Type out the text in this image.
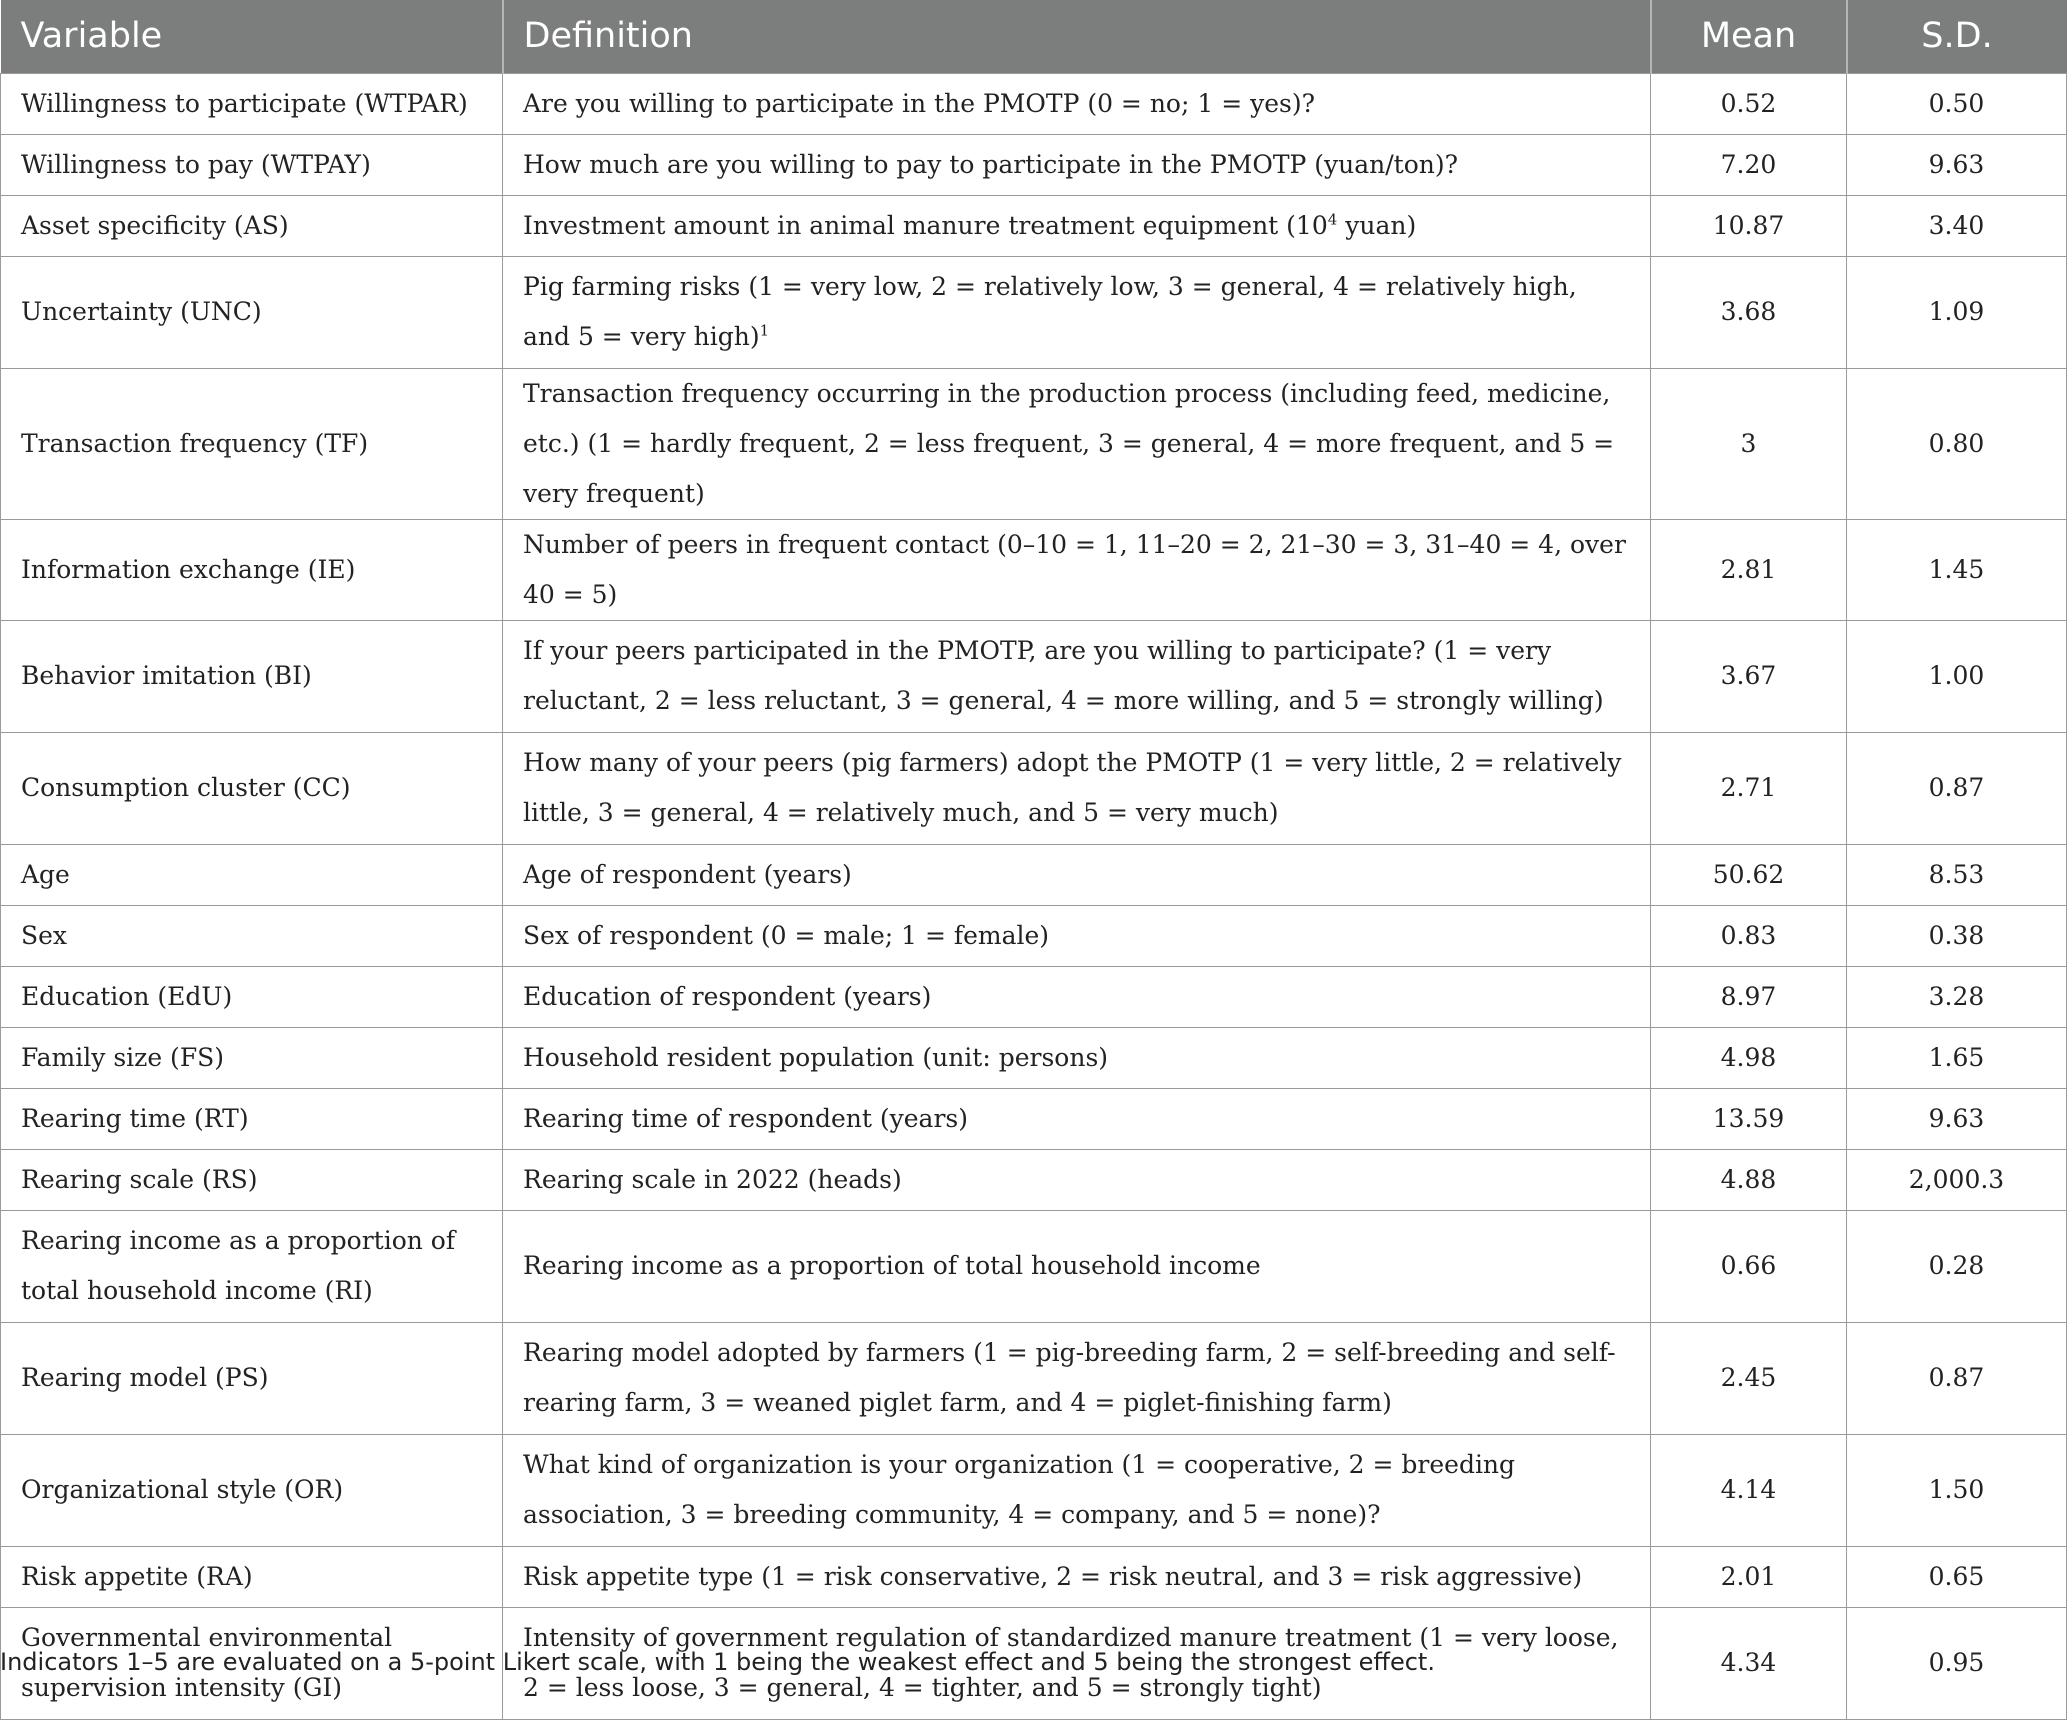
Variable	Definition	Mean	S.D.
Willingness to participate (WTPAR)	Are you willing to participate in the PMOTP (0 = no; 1 = yes)?	0.52	0.50
Willingness to pay (WTPAY)	How much are you willing to pay to participate in the PMOTP (yuan/ton)?	7.20	9.63
Asset specificity (AS)	Investment amount in animal manure treatment equipment ($10^4$ yuan)	10.87	3.40
Uncertainty (UNC)	Pig farming risks (1 = very low, 2 = relatively low, 3 = general, 4 = relatively high, and 5 = very high)$^1$	3.68	1.09
Transaction frequency (TF)	Transaction frequency occurring in the production process (including feed, medicine, etc.) (1 = hardly frequent, 2 = less frequent, 3 = general, 4 = more frequent, and 5 = very frequent)	3	0.80
Information exchange (IE)	Number of peers in frequent contact (0–10 = 1, 11–20 = 2, 21–30 = 3, 31–40 = 4, over 40 = 5)	2.81	1.45
Behavior imitation (BI)	If your peers participated in the PMOTP, are you willing to participate? (1 = very reluctant, 2 = less reluctant, 3 = general, 4 = more willing, and 5 = strongly willing)	3.67	1.00
Consumption cluster (CC)	How many of your peers (pig farmers) adopt the PMOTP (1 = very little, 2 = relatively little, 3 = general, 4 = relatively much, and 5 = very much)	2.71	0.87
Age	Age of respondent (years)	50.62	8.53
Sex	Sex of respondent (0 = male; 1 = female)	0.83	0.38
Education (EdU)	Education of respondent (years)	8.97	3.28
Family size (FS)	Household resident population (unit: persons)	4.98	1.65
Rearing time (RT)	Rearing time of respondent (years)	13.59	9.63
Rearing scale (RS)	Rearing scale in 2022 (heads)	4.88	2,000.3
Rearing income as a proportion of total household income (RI)	Rearing income as a proportion of total household income	0.66	0.28
Rearing model (PS)	Rearing model adopted by farmers (1 = pig-breeding farm, 2 = self-breeding and self-rearing farm, 3 = weaned piglet farm, and 4 = piglet-finishing farm)	2.45	0.87
Organizational style (OR)	What kind of organization is your organization (1 = cooperative, 2 = breeding association, 3 = breeding community, 4 = company, and 5 = none)?	4.14	1.50
Risk appetite (RA)	Risk appetite type (1 = risk conservative, 2 = risk neutral, and 3 = risk aggressive)	2.01	0.65
Governmental environmental supervision intensity (GI)	Intensity of government regulation of standardized manure treatment (1 = very loose, 2 = less loose, 3 = general, 4 = tighter, and 5 = strongly tight)	4.34	0.95

Indicators 1–5 are evaluated on a 5-point Likert scale, with 1 being the weakest effect and 5 being the strongest effect.
